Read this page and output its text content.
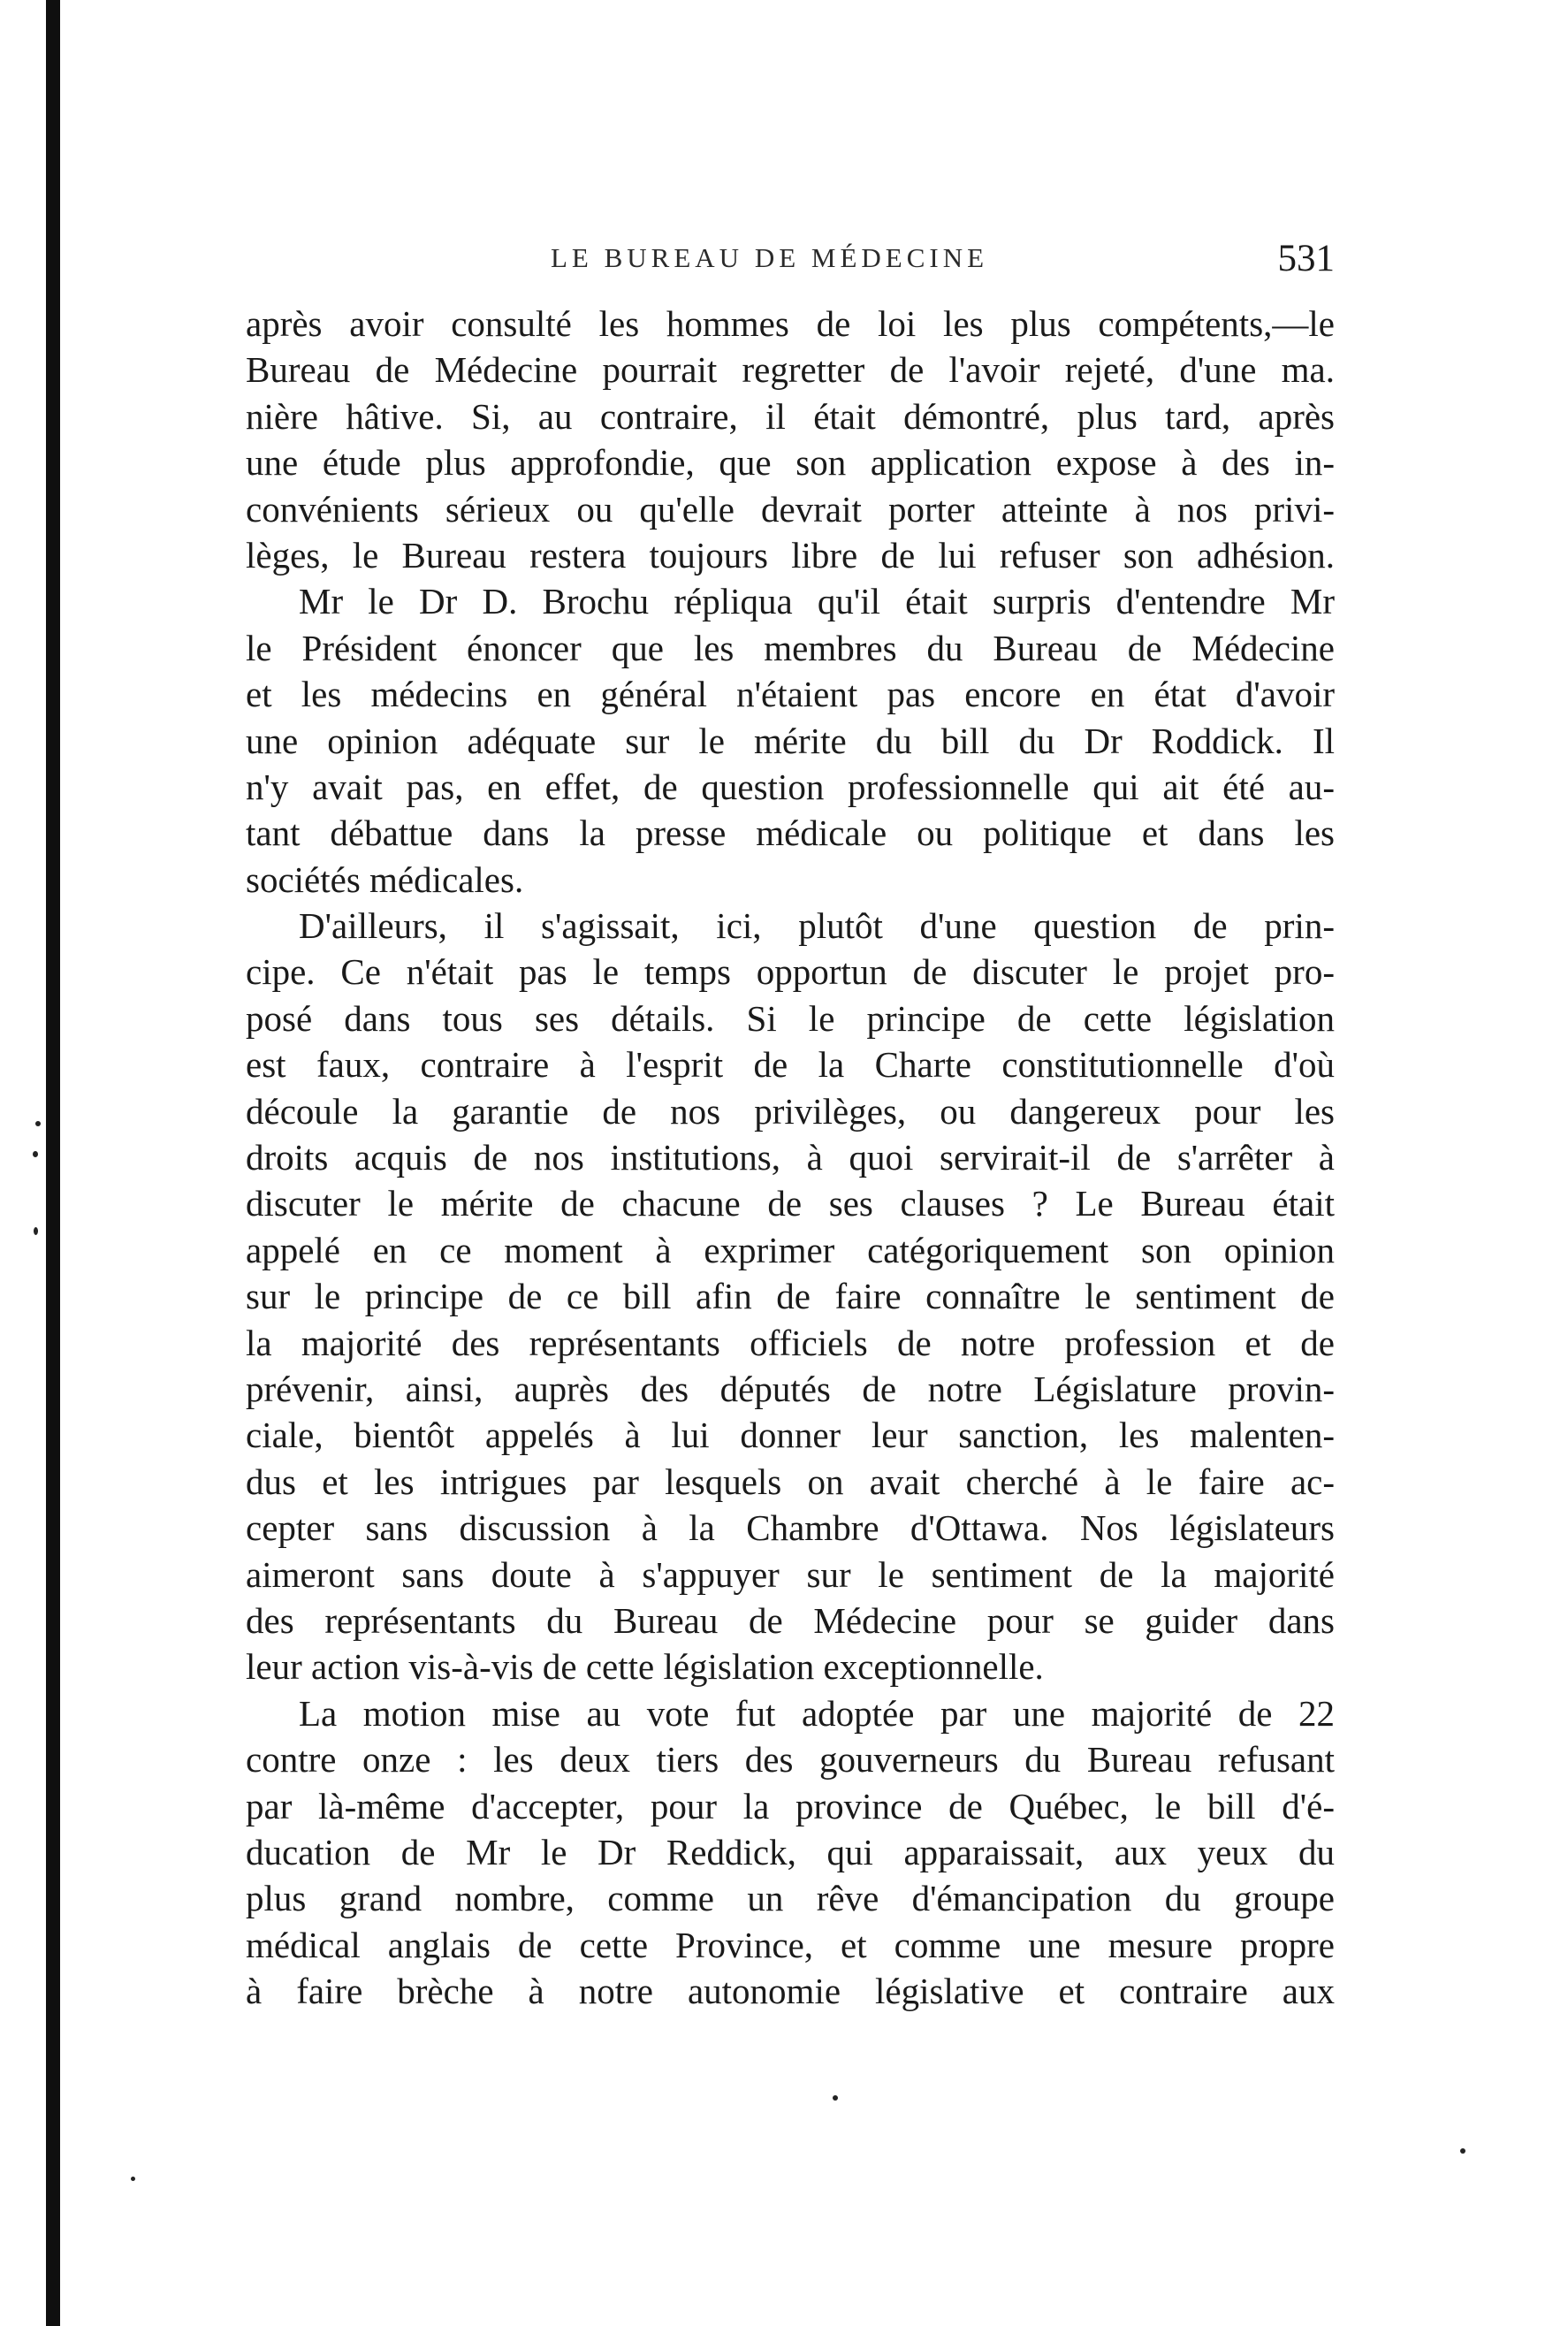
LE BUREAU DE MÉDECINE	531
après avoir consulté les hommes de loi les plus compétents,—le
Bureau de Médecine pourrait regretter de l'avoir rejeté, d'une ma.
nière hâtive. Si, au contraire, il était démontré, plus tard, après
une étude plus approfondie, que son application expose à des in-
convénients sérieux ou qu'elle devrait porter atteinte à nos privi-
lèges, le Bureau restera toujours libre de lui refuser son adhésion.
Mr le Dr D. Brochu répliqua qu'il était surpris d'entendre Mr
le Président énoncer que les membres du Bureau de Médecine
et les médecins en général n'étaient pas encore en état d'avoir
une opinion adéquate sur le mérite du bill du Dr Roddick. Il
n'y avait pas, en effet, de question professionnelle qui ait été au-
tant débattue dans la presse médicale ou politique et dans les
sociétés médicales.
D'ailleurs, il s'agissait, ici, plutôt d'une question de prin-
cipe. Ce n'était pas le temps opportun de discuter le projet pro-
posé dans tous ses détails. Si le principe de cette législation
est faux, contraire à l'esprit de la Charte constitutionnelle d'où
découle la garantie de nos privilèges, ou dangereux pour les
droits acquis de nos institutions, à quoi servirait-il de s'arrêter à
discuter le mérite de chacune de ses clauses ? Le Bureau était
appelé en ce moment à exprimer catégoriquement son opinion
sur le principe de ce bill afin de faire connaître le sentiment de
la majorité des représentants officiels de notre profession et de
prévenir, ainsi, auprès des députés de notre Législature provin-
ciale, bientôt appelés à lui donner leur sanction, les malenten-
dus et les intrigues par lesquels on avait cherché à le faire ac-
cepter sans discussion à la Chambre d'Ottawa. Nos législateurs
aimeront sans doute à s'appuyer sur le sentiment de la majorité
des représentants du Bureau de Médecine pour se guider dans
leur action vis-à-vis de cette législation exceptionnelle.
La motion mise au vote fut adoptée par une majorité de 22
contre onze : les deux tiers des gouverneurs du Bureau refusant
par là-même d'accepter, pour la province de Québec, le bill d'é-
ducation de Mr le Dr Reddick, qui apparaissait, aux yeux du
plus grand nombre, comme un rêve d'émancipation du groupe
médical anglais de cette Province, et comme une mesure propre
à faire brèche à notre autonomie législative et contraire aux
